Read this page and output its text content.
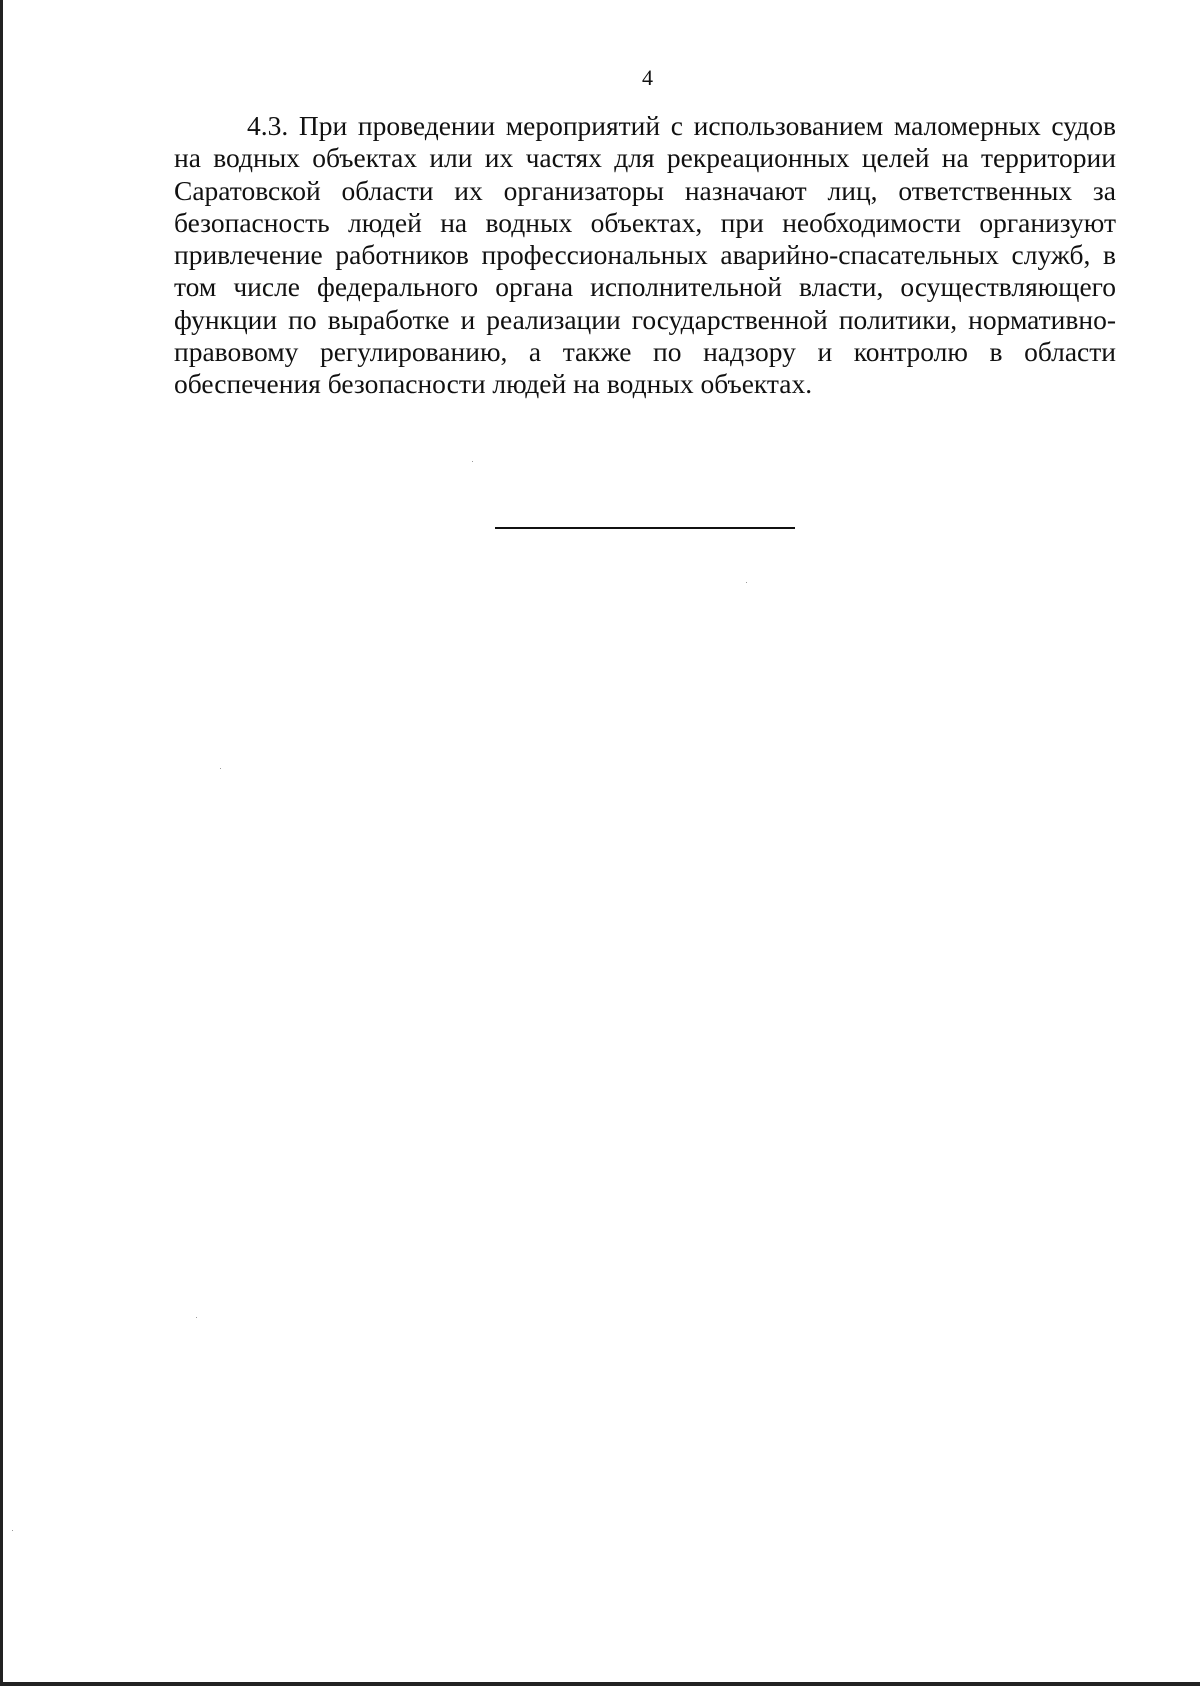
4

4.3. При проведении мероприятий с использованием маломерных судов на водных объектах или их частях для рекреационных целей на территории Саратовской области их организаторы назначают лиц, ответственных за безопасность людей на водных объектах, при необходимости организуют привлечение работников профессиональных аварийно-спасательных служб, в том числе федерального органа исполнительной власти, осуществляющего функции по выработке и реализации государственной политики, нормативно-правовому регулированию, а также по надзору и контролю в области обеспечения безопасности людей на водных объектах.
